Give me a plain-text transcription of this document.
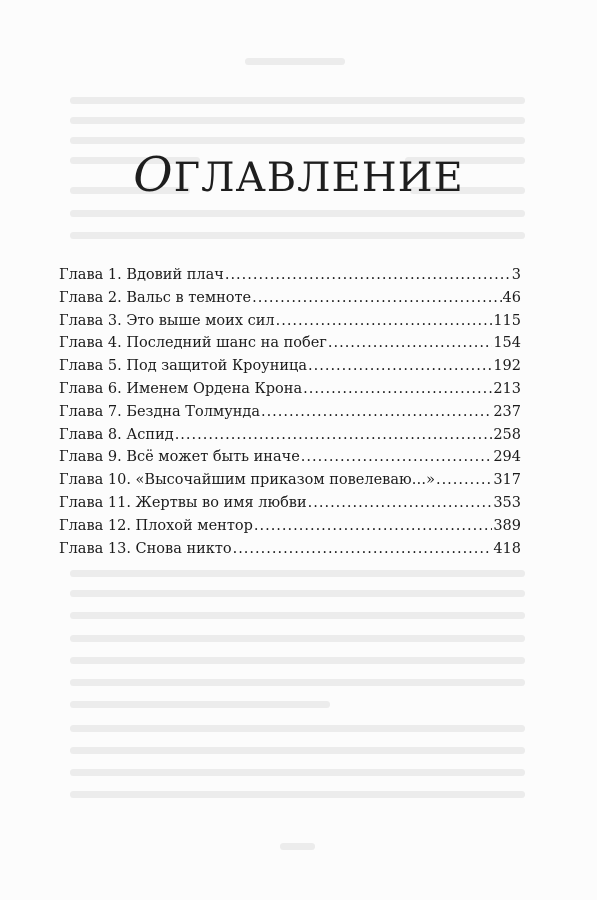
ОГЛАВЛЕНИЕ
Глава 1. Вдовий плач .....	3
Глава 2. Вальс в темноте .....	46
Глава 3. Это выше моих сил .....	115
Глава 4. Последний шанс на побег .....	154
Глава 5. Под защитой Кроуница .....	192
Глава 6. Именем Ордена Крона .....	213
Глава 7. Бездна Толмунда .....	237
Глава 8. Аспид .....	258
Глава 9. Всё может быть иначе .....	294
Глава 10. «Высочайшим приказом повелеваю…» .....	317
Глава 11. Жертвы во имя любви .....	353
Глава 12. Плохой ментор .....	389
Глава 13. Снова никто .....	418
